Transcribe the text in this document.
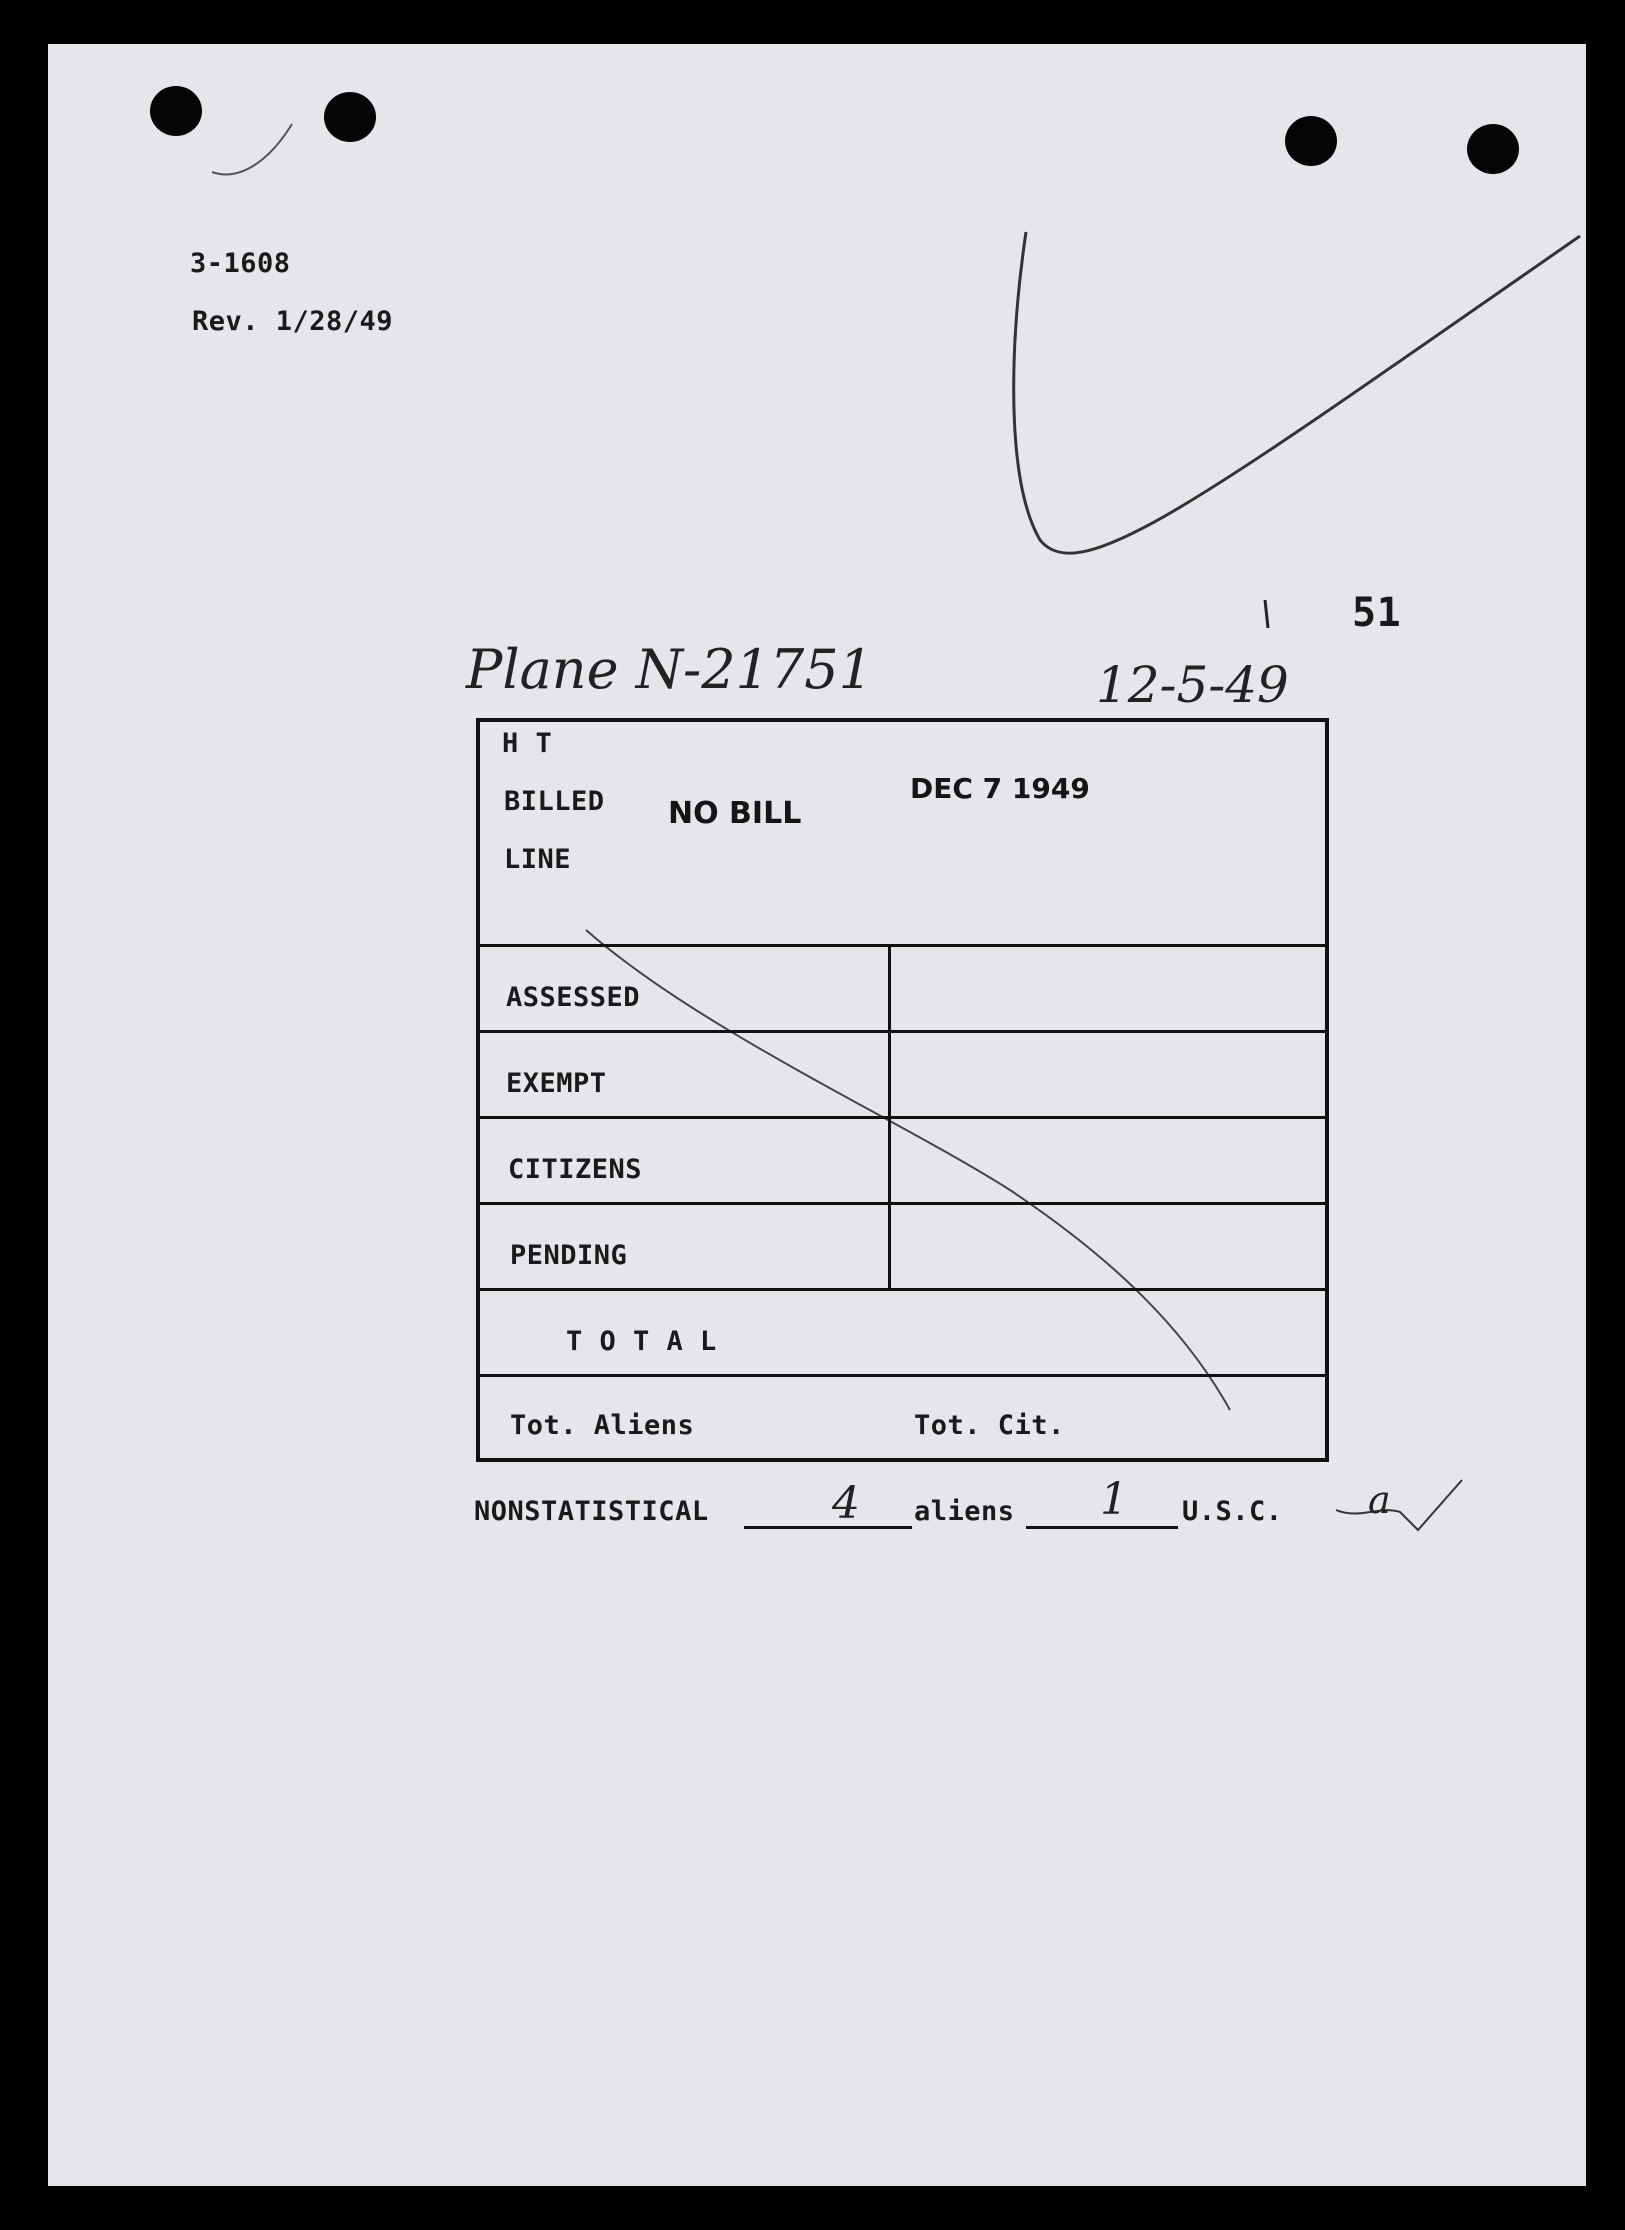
3-1608
Rev. 1/28/49
51
Plane N-21751	12-5-49
H T
BILLED
LINE
NO BILL
DEC 7 1949
ASSESSED
EXEMPT
CITIZENS
PENDING
T O T A L
Tot. Aliens	Tot. Cit.
NONSTATISTICAL	4 aliens 1 U.S.C. a
